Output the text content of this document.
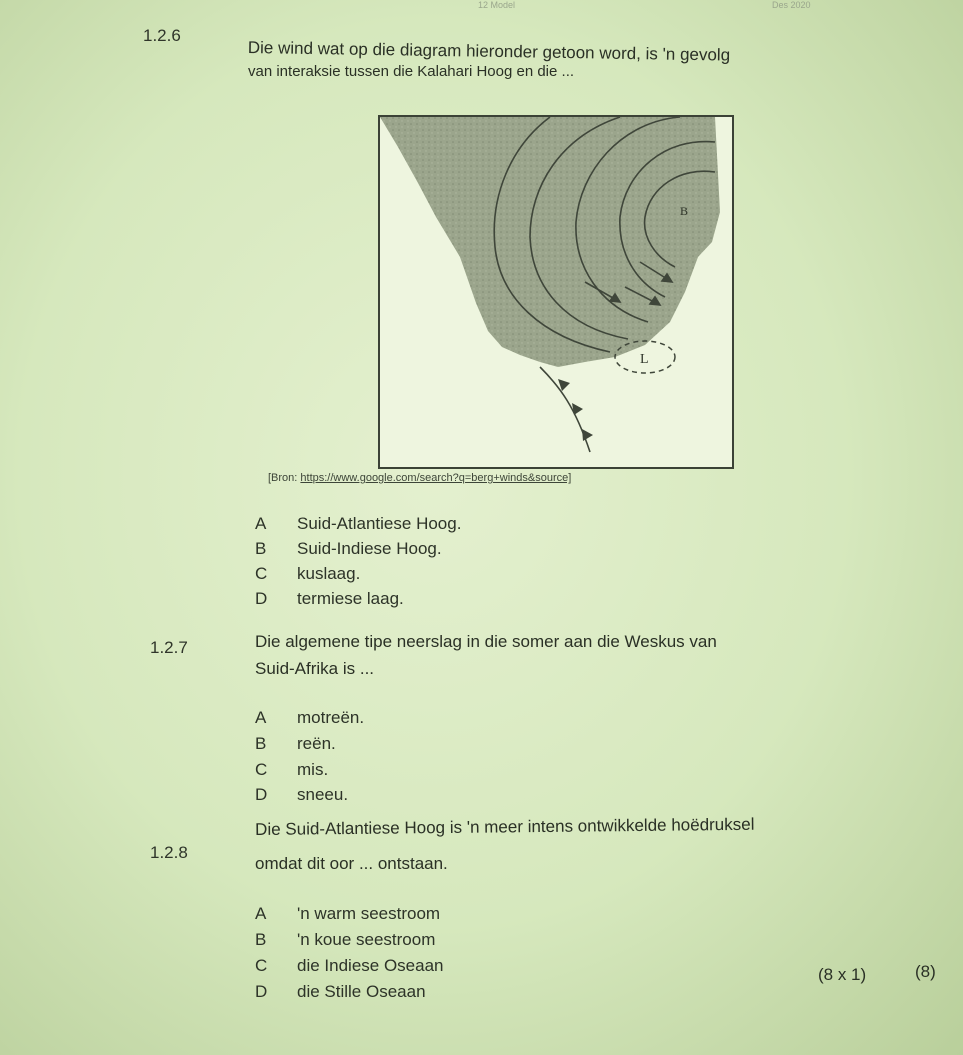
12 Model	Des 2020
1.2.6
Die wind wat op die diagram hieronder getoon word, is 'n gevolg
van interaksie tussen die Kalahari Hoog en die ...
L
B
[Bron: https://www.google.com/search?q=berg+winds&source]
A Suid-Atlantiese Hoog.
B Suid-Indiese Hoog.
C kuslaag.
D termiese laag.
1.2.7	Die algemene tipe neerslag in die somer aan die Weskus van
Suid-Afrika is ...
A motreën.
B reën.
C mis.
D sneeu.
1.2.8
Die Suid-Atlantiese Hoog is 'n meer intens ontwikkelde hoëdruksel
omdat dit oor ... ontstaan.
A 'n warm seestroom
B 'n koue seestroom
C die Indiese Oseaan
D die Stille Oseaan
(8 x 1)	(8)
